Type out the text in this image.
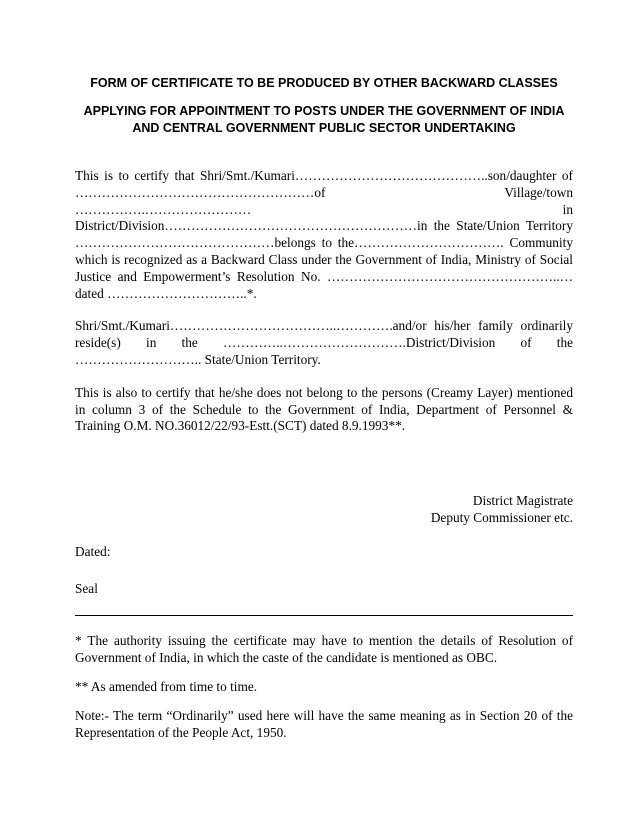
FORM OF CERTIFICATE TO BE PRODUCED BY OTHER BACKWARD CLASSES

APPLYING FOR APPOINTMENT TO POSTS UNDER THE GOVERNMENT OF INDIA AND CENTRAL GOVERNMENT PUBLIC SECTOR UNDERTAKING

This is to certify that Shri/Smt./Kumari……………………………………..son/daughter of ………………………………………………of Village/town …………….…………………… in District/Division…………………………………………………in the State/Union Territory ………………………………………belongs to the……………………………. Community which is recognized as a Backward Class under the Government of India, Ministry of Social Justice and Empowerment’s Resolution No. ……………………………………………..…dated …………………………..*.

Shri/Smt./Kumari………………………………..………….and/or his/her family ordinarily reside(s) in the …………..……………………….District/Division of the ……………………….. State/Union Territory.

This is also to certify that he/she does not belong to the persons (Creamy Layer) mentioned in column 3 of the Schedule to the Government of India, Department of Personnel & Training O.M. NO.36012/22/93-Estt.(SCT) dated 8.9.1993**.

District Magistrate
Deputy Commissioner etc.
Dated:
Seal

* The authority issuing the certificate may have to mention the details of Resolution of Government of India, in which the caste of the candidate is mentioned as OBC.

** As amended from time to time.

Note:- The term “Ordinarily” used here will have the same meaning as in Section 20 of the Representation of the People Act, 1950.
